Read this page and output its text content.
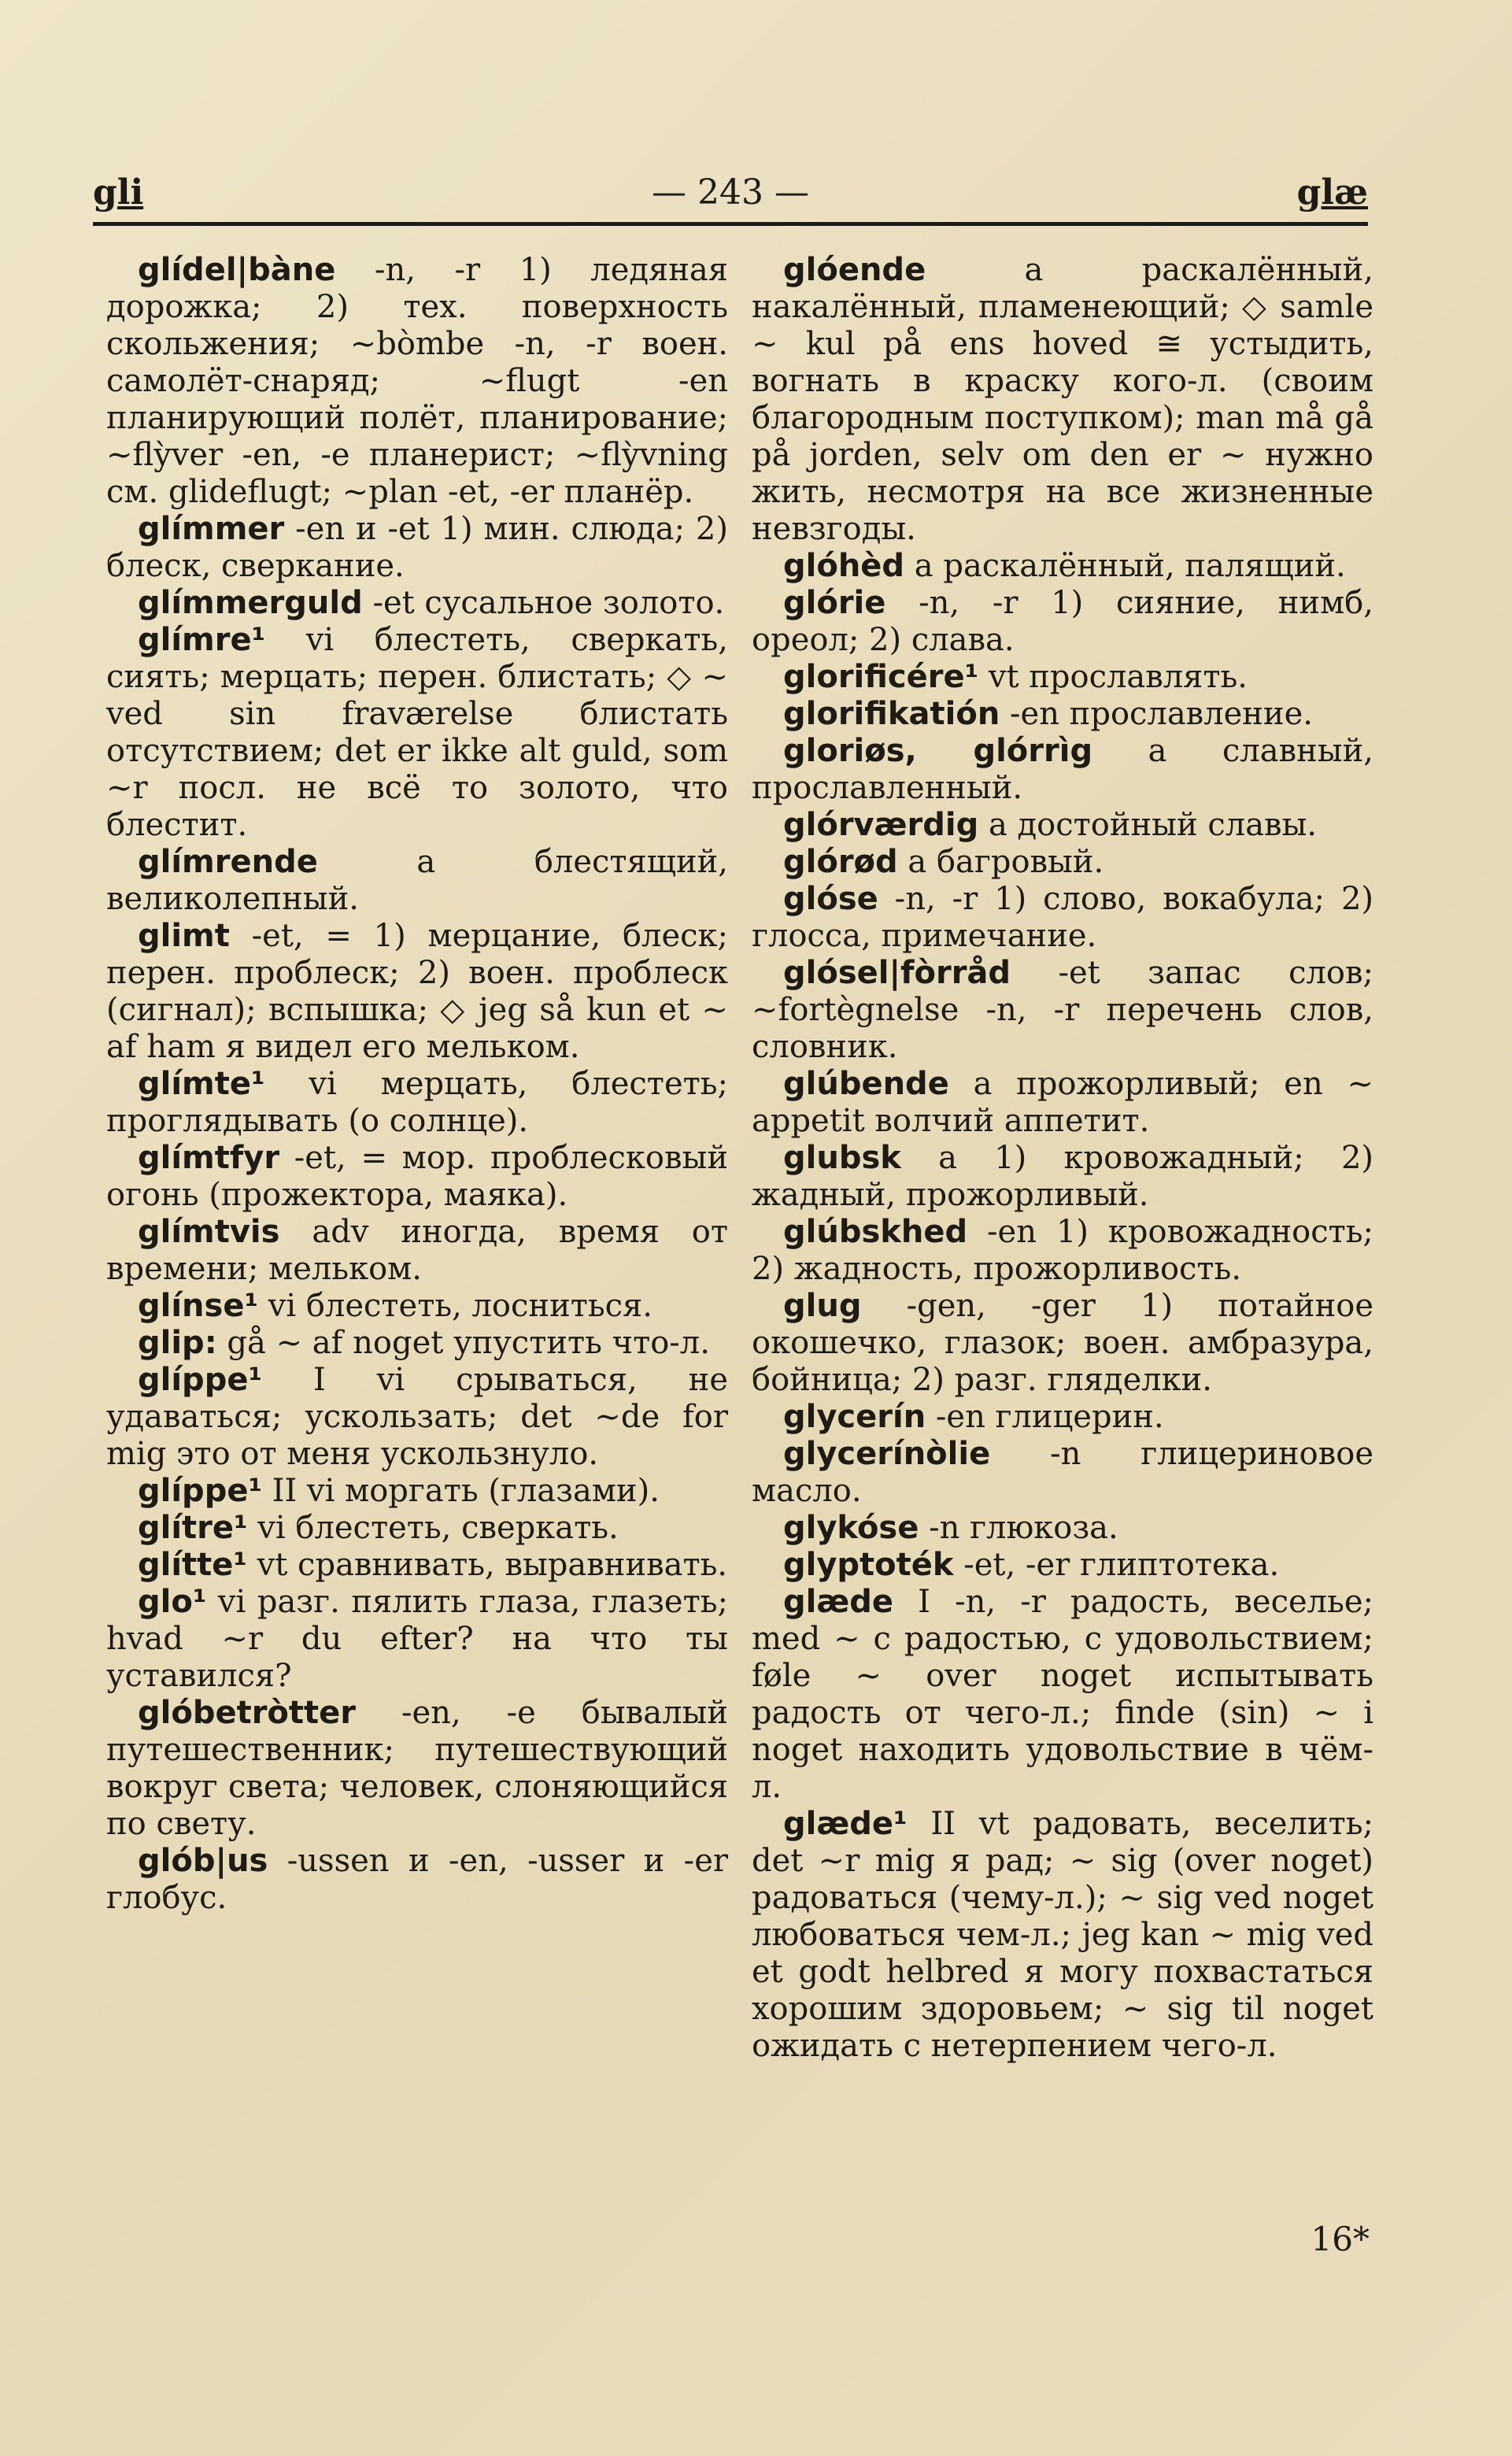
gli	— 243 —	glæ

glídel|bàne -n, -r 1) ледяная дорожка; 2) тех. поверхность скольжения; ~bòmbe -n, -r воен. самолёт-снаряд; ~flugt -en планирующий полёт, планирование; ~flỳver -en, -e планерист; ~flỳvning см. glideflugt; ~plan -et, -er планёр.

glímmer -en и -et 1) мин. слюда; 2) блеск, сверкание.

glímmerguld -et сусальное золото.

glímre¹ vi блестеть, сверкать, сиять; мерцать; перен. блистать; ◇ ~ ved sin fraværelse блистать отсутствием; det er ikke alt guld, som ~r посл. не всё то золото, что блестит.

glímrende a блестящий, великолепный.

glimt -et, = 1) мерцание, блеск; перен. проблеск; 2) воен. проблеск (сигнал); вспышка; ◇ jeg så kun et ~ af ham я видел его мельком.

glímte¹ vi мерцать, блестеть; проглядывать (о солнце).

glímtfyr -et, = мор. проблесковый огонь (прожектора, маяка).

glímtvis adv иногда, время от времени; мельком.

glínse¹ vi блестеть, лосниться.

glip: gå ~ af noget упустить что-л.

glíppe¹ I vi срываться, не удаваться; ускользать; det ~de for mig это от меня ускользнуло.

glíppe¹ II vi моргать (глазами).

glítre¹ vi блестеть, сверкать.

glítte¹ vt сравнивать, выравнивать.

glo¹ vi разг. пялить глаза, глазеть; hvad ~r du efter? на что ты уставился?

glóbetròtter -en, -e бывалый путешественник; путешествующий вокруг света; человек, слоняющийся по свету.

glób|us -ussen и -en, -usser и -er глобус.

glóende a раскалённый, накалённый, пламенеющий; ◇ samle ~ kul på ens hoved ≅ устыдить, вогнать в краску кого-л. (своим благородным поступком); man må gå på jorden, selv om den er ~ нужно жить, несмотря на все жизненные невзгоды.

glóhèd a раскалённый, палящий.

glórie -n, -r 1) сияние, нимб, ореол; 2) слава.

glorificére¹ vt прославлять.

glorifikatión -en прославление.

gloriøs, glórrìg a славный, прославленный.

glórværdig a достойный славы.

glórød a багровый.

glóse -n, -r 1) слово, вокабула; 2) глосса, примечание.

glósel|fòrråd -et запас слов; ~fortègnelse -n, -r перечень слов, словник.

glúbende a прожорливый; en ~ appetit волчий аппетит.

glubsk a 1) кровожадный; 2) жадный, прожорливый.

glúbskhed -en 1) кровожадность; 2) жадность, прожорливость.

glug -gen, -ger 1) потайное окошечко, глазок; воен. амбразура, бойница; 2) разг. гляделки.

glycerín -en глицерин.

glycerínòlie -n глицериновое масло.

glykóse -n глюкоза.

glyptoték -et, -er глиптотека.

glæde I -n, -r радость, веселье; med ~ с радостью, с удовольствием; føle ~ over noget испытывать радость от чего-л.; finde (sin) ~ i noget находить удовольствие в чём-л.

glæde¹ II vt радовать, веселить; det ~r mig я рад; ~ sig (over noget) радоваться (чему-л.); ~ sig ved noget любоваться чем-л.; jeg kan ~ mig ved et godt helbred я могу похвастаться хорошим здоровьем; ~ sig til noget ожидать с нетерпением чего-л.

16*
